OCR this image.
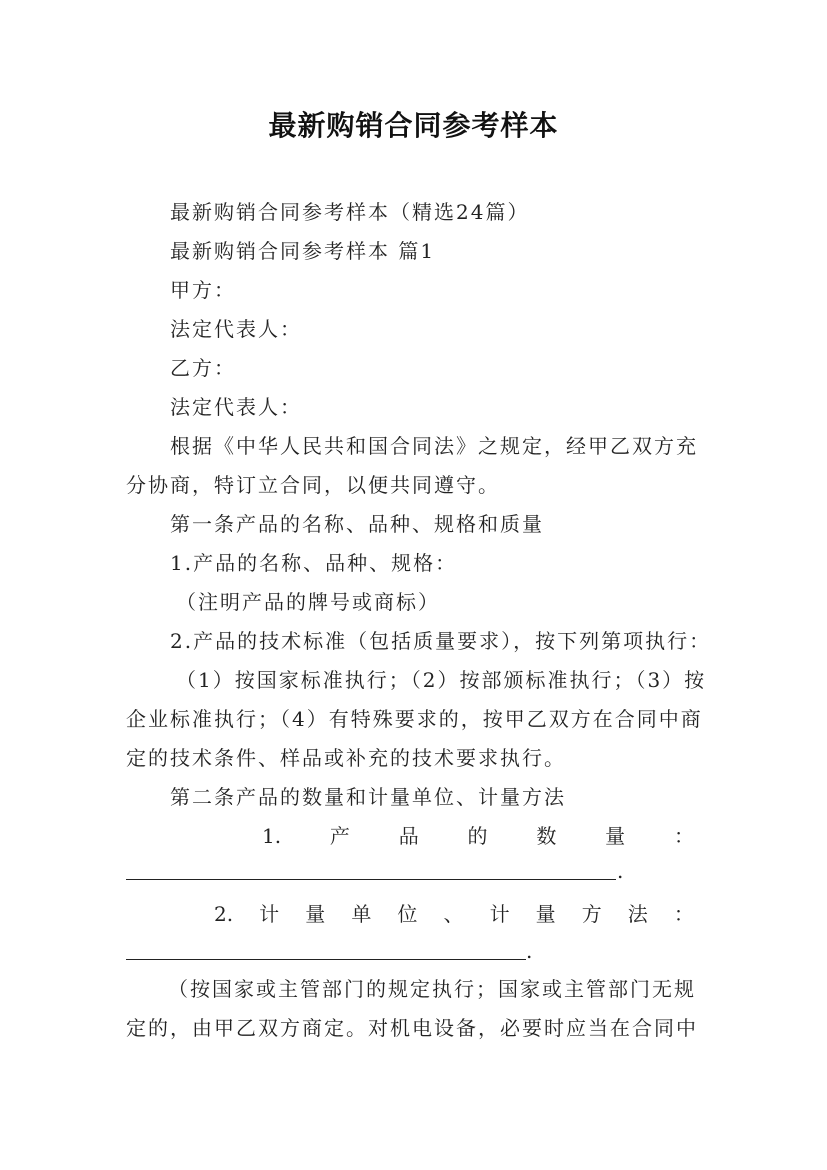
最新购销合同参考样本
最新购销合同参考样本（精选24篇）
最新购销合同参考样本 篇1
甲方：
法定代表人：
乙方：
法定代表人：
根据《中华人民共和国合同法》之规定，经甲乙双方充
分协商，特订立合同，以便共同遵守。
第一条产品的名称、品种、规格和质量
1.产品的名称、品种、规格：
（注明产品的牌号或商标）
2.产品的技术标准（包括质量要求），按下列第项执行：
（1）按国家标准执行；（2）按部颁标准执行；（3）按
企业标准执行；（4）有特殊要求的，按甲乙双方在合同中商
定的技术条件、样品或补充的技术要求执行。
第二条产品的数量和计量单位、计量方法
1. 产 品 的 数 量 ：
.
2. 计 量 单 位 、 计 量 方 法 ：
.
（按国家或主管部门的规定执行；国家或主管部门无规
定的，由甲乙双方商定。对机电设备，必要时应当在合同中
